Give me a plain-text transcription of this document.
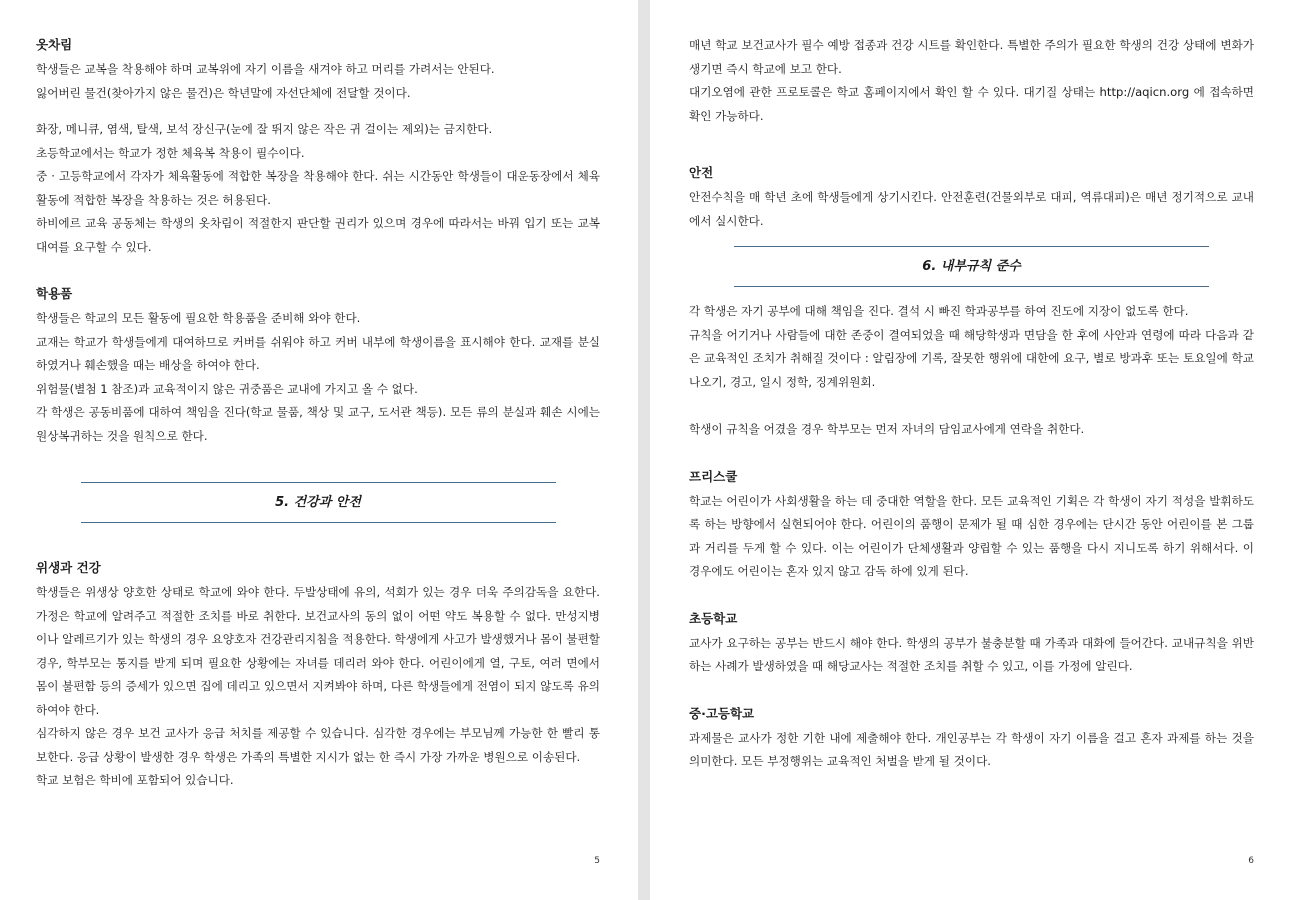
옷차림

학생들은 교복을 착용해야 하며 교복위에 자기 이름을 새겨야 하고 머리를 가려서는 안된다.

잃어버린 물건(찾아가지 않은 물건)은 학년말에 자선단체에 전달할 것이다.

화장, 메니큐, 염색, 탈색, 보석 장신구(눈에 잘 뛰지 않은 작은 귀 걸이는 제외)는 금지한다.

초등학교에서는 학교가 정한 체육복 착용이 필수이다.

중 · 고등학교에서 각자가 체육활동에 적합한 복장을 착용해야 한다. 쉬는 시간동안 학생들이 대운동장에서 체육활동에 적합한 복장을 착용하는 것은 허용된다.

하비에르 교육 공동체는 학생의 옷차림이 적절한지 판단할 권리가 있으며 경우에 따라서는 바꿔 입기 또는 교복대여를 요구할 수 있다.

학용품

학생들은 학교의 모든 활동에 필요한 학용품을 준비해 와야 한다.

교재는 학교가 학생들에게 대여하므로 커버를 쉬워야 하고 커버 내부에 학생이름을 표시해야 한다. 교재를 분실하였거나 훼손했을 때는 배상을 하여야 한다.

위험물(별첨 1 참조)과 교육적이지 않은 귀중품은 교내에 가지고 올 수 없다.

각 학생은 공동비품에 대하여 책임을 진다(학교 물품, 책상 및 교구, 도서관 책등). 모든 류의 분실과 훼손 시에는 원상복귀하는 것을 원칙으로 한다.

5. 건강과 안전
위생과 건강

학생들은 위생상 양호한 상태로 학교에 와야 한다. 두발상태에 유의, 석회가 있는 경우 더욱 주의감독을 요한다. 가정은 학교에 알려주고 적절한 조치를 바로 취한다. 보건교사의 동의 없이 어떤 약도 복용할 수 없다. 만성지병이나 알레르기가 있는 학생의 경우 요양호자 건강관리지침을 적용한다. 학생에게 사고가 발생했거나 몸이 불편할 경우, 학부모는 통지를 받게 되며 필요한 상황에는 자녀를 데리러 와야 한다. 어린이에게 열, 구토, 여러 면에서 몸이 불편함 등의 증세가 있으면 집에 데리고 있으면서 지켜봐야 하며, 다른 학생들에게 전염이 되지 않도록 유의하여야 한다.

심각하지 않은 경우 보건 교사가 응급 처치를 제공할 수 있습니다. 심각한 경우에는 부모님께 가능한 한 빨리 통보한다. 응급 상황이 발생한 경우 학생은 가족의 특별한 지시가 없는 한 즉시 가장 가까운 병원으로 이송된다.

학교 보험은 학비에 포함되어 있습니다.

5

매년 학교 보건교사가 필수 예방 접종과 건강 시트를 확인한다. 특별한 주의가 필요한 학생의 건강 상태에 변화가 생기면 즉시 학교에 보고 한다.

대기오염에 관한 프로토콜은 학교 홈페이지에서 확인 할 수 있다. 대기질 상태는 http://aqicn.org 에 접속하면 확인 가능하다.

안전

안전수칙을 매 학년 초에 학생들에게 상기시킨다. 안전훈련(건물외부로 대피, 역류대피)은 매년 정기적으로 교내에서 실시한다.

6. 내부규칙 준수

각 학생은 자기 공부에 대해 책임을 진다. 결석 시 빠진 학과공부를 하여 진도에 지장이 없도록 한다.

규칙을 어기거나 사람들에 대한 존중이 결여되었을 때 해당학생과 면담을 한 후에 사안과 연령에 따라 다음과 같은 교육적인 조치가 취해질 것이다 : 알림장에 기록, 잘못한 행위에 대한에 요구, 별로 방과후 또는 토요일에 학교 나오기, 경고, 일시 정학, 징계위원회.

학생이 규칙을 어겼을 경우 학부모는 먼저 자녀의 담임교사에게 연락을 취한다.

프리스쿨

학교는 어린이가 사회생활을 하는 데 중대한 역할을 한다. 모든 교육적인 기획은 각 학생이 자기 적성을 발휘하도록 하는 방향에서 실현되어야 한다. 어린이의 품행이 문제가 될 때 심한 경우에는 단시간 동안 어린이를 본 그룹과 거리를 두게 할 수 있다. 이는 어린이가 단체생활과 양립할 수 있는 품행을 다시 지니도록 하기 위해서다. 이 경우에도 어린이는 혼자 있지 않고 감독 하에 있게 된다.

초등학교

교사가 요구하는 공부는 반드시 해야 한다. 학생의 공부가 불충분할 때 가족과 대화에 들어간다. 교내규칙을 위반하는 사례가 발생하였을 때 해당교사는 적절한 조치를 취할 수 있고, 이를 가정에 알린다.

중·고등학교

과제물은 교사가 정한 기한 내에 제출해야 한다. 개인공부는 각 학생이 자기 이름을 걸고 혼자 과제를 하는 것을 의미한다. 모든 부정행위는 교육적인 처벌을 받게 될 것이다.

6
